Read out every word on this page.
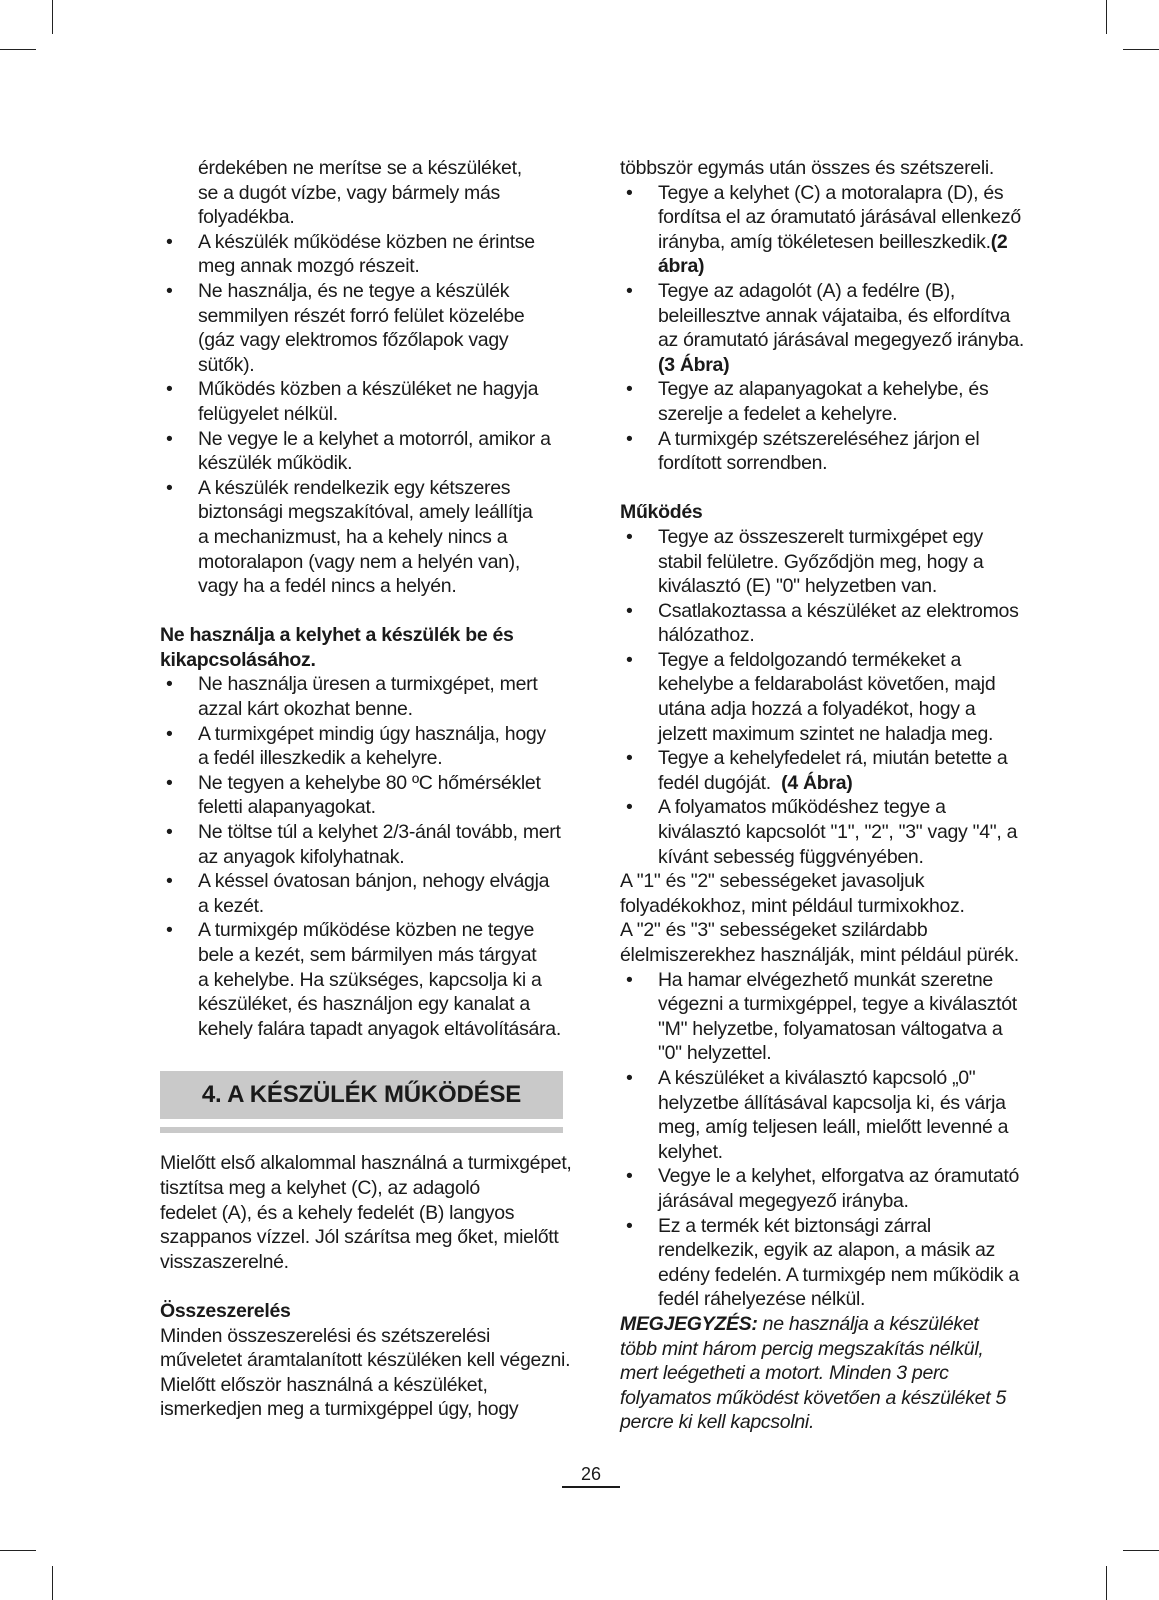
érdekében ne merítse se a készüléket,
se a dugót vízbe, vagy bármely más
folyadékba.

• A készülék működése közben ne érintse
meg annak mozgó részeit.
• Ne használja, és ne tegye a készülék
semmilyen részét forró felület közelébe
(gáz vagy elektromos főzőlapok vagy
sütők).
• Működés közben a készüléket ne hagyja
felügyelet nélkül.
• Ne vegye le a kelyhet a motorról, amikor a
készülék működik.
• A készülék rendelkezik egy kétszeres
biztonsági megszakítóval, amely leállítja
a mechanizmust, ha a kehely nincs a
motoralapon (vagy nem a helyén van),
vagy ha a fedél nincs a helyén.

Ne használja a kelyhet a készülék be és
kikapcsolásához.

• Ne használja üresen a turmixgépet, mert
azzal kárt okozhat benne.
• A turmixgépet mindig úgy használja, hogy
a fedél illeszkedik a kehelyre.
• Ne tegyen a kehelybe 80 ºC hőmérséklet
feletti alapanyagokat.
• Ne töltse túl a kelyhet 2/3-ánál tovább, mert
az anyagok kifolyhatnak.
• A késsel óvatosan bánjon, nehogy elvágja
a kezét.
• A turmixgép működése közben ne tegye
bele a kezét, sem bármilyen más tárgyat
a kehelybe. Ha szükséges, kapcsolja ki a
készüléket, és használjon egy kanalat a
kehely falára tapadt anyagok eltávolítására.
4. A KÉSZÜLÉK MŰKÖDÉSE

Mielőtt első alkalommal használná a turmixgépet,
tisztítsa meg a kelyhet (C), az adagoló
fedelet (A), és a kehely fedelét (B) langyos
szappanos vízzel. Jól szárítsa meg őket, mielőtt
visszaszerelné.

Összeszerelés

Minden összeszerelési és szétszerelési
műveletet áramtalanított készüléken kell végezni.
Mielőtt először használná a készüléket,
ismerkedjen meg a turmixgéppel úgy, hogy

többször egymás után összes és szétszereli.

• Tegye a kelyhet (C) a motoralapra (D), és
fordítsa el az óramutató járásával ellenkező
irányba, amíg tökéletesen beilleszkedik.(2
ábra)
• Tegye az adagolót (A) a fedélre (B),
beleillesztve annak vájataiba, és elfordítva
az óramutató járásával megegyező irányba.
(3 Ábra)
• Tegye az alapanyagokat a kehelybe, és
szerelje a fedelet a kehelyre.
• A turmixgép szétszereléséhez járjon el
fordított sorrendben.

Működés

• Tegye az összeszerelt turmixgépet egy
stabil felületre. Győződjön meg, hogy a
kiválasztó (E) "0" helyzetben van.
• Csatlakoztassa a készüléket az elektromos
hálózathoz.
• Tegye a feldolgozandó termékeket a
kehelybe a feldarabolást követően, majd
utána adja hozzá a folyadékot, hogy a
jelzett maximum szintet ne haladja meg.
• Tegye a kehelyfedelet rá, miután betette a
fedél dugóját. (4 Ábra)
• A folyamatos működéshez tegye a
kiválasztó kapcsolót "1", "2", "3" vagy "4", a
kívánt sebesség függvényében.

A "1" és "2" sebességeket javasoljuk
folyadékokhoz, mint például turmixokhoz.
A "2" és "3" sebességeket szilárdabb
élelmiszerekhez használják, mint például pürék.

• Ha hamar elvégezhető munkát szeretne
végezni a turmixgéppel, tegye a kiválasztót
"M" helyzetbe, folyamatosan váltogatva a
"0" helyzettel.
• A készüléket a kiválasztó kapcsoló „0"
helyzetbe állításával kapcsolja ki, és várja
meg, amíg teljesen leáll, mielőtt levenné a
kelyhet.
• Vegye le a kelyhet, elforgatva az óramutató
járásával megegyező irányba.
• Ez a termék két biztonsági zárral
rendelkezik, egyik az alapon, a másik az
edény fedelén. A turmixgép nem működik a
fedél ráhelyezése nélkül.

MEGJEGYZÉS: ne használja a készüléket
több mint három percig megszakítás nélkül,
mert leégetheti a motort. Minden 3 perc
folyamatos működést követően a készüléket 5
percre ki kell kapcsolni.

26
